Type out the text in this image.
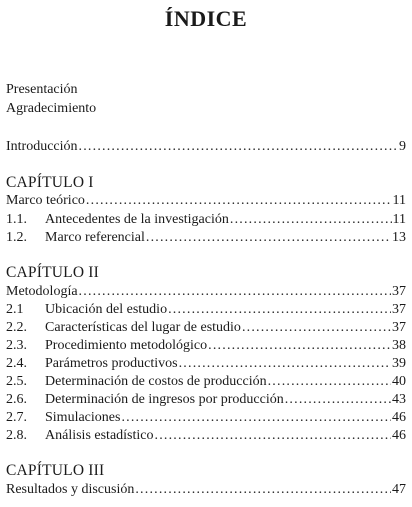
ÍNDICE
Presentación
Agradecimiento
Introducción .....	9
CAPÍTULO I
Marco teórico .....	11
1.1.	Antecedentes de la investigación .....	11
1.2.	Marco referencial .....	13
CAPÍTULO II
Metodología .....	37
2.1	Ubicación del estudio .....	37
2.2.	Características del lugar de estudio .....	37
2.3.	Procedimiento metodológico .....	38
2.4.	Parámetros productivos .....	39
2.5.	Determinación de costos de producción .....	40
2.6.	Determinación de ingresos por producción .....	43
2.7.	Simulaciones .....	46
2.8.	Análisis estadístico .....	46
CAPÍTULO III
Resultados y discusión .....	47
